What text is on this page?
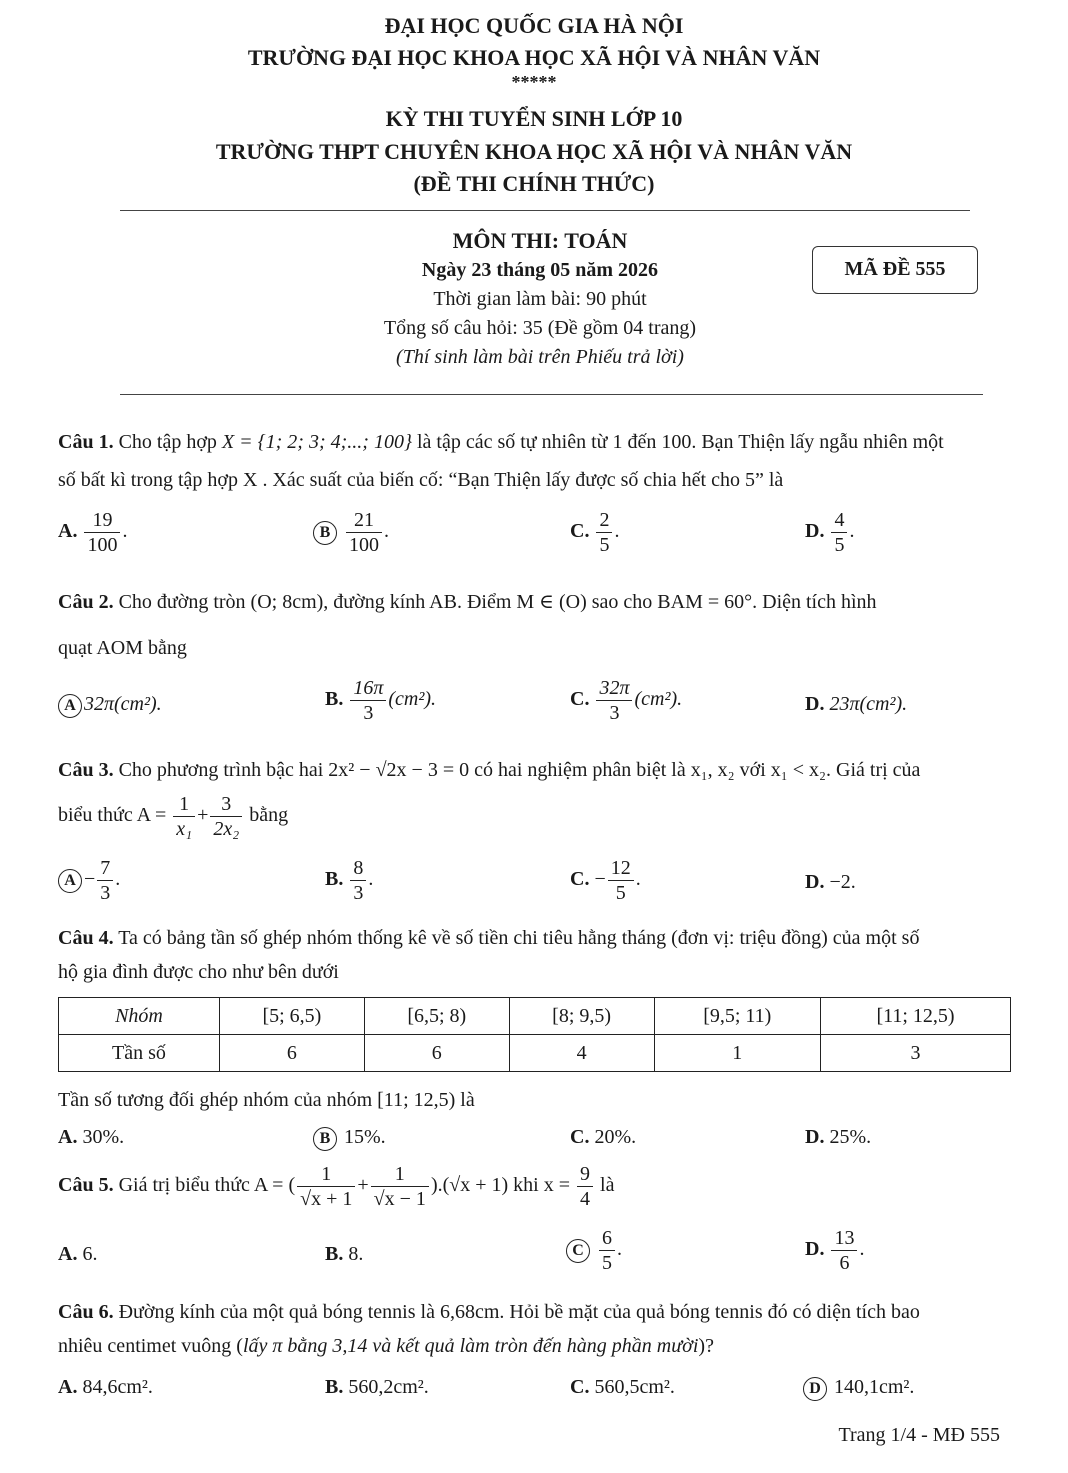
ĐẠI HỌC QUỐC GIA HÀ NỘI
TRƯỜNG ĐẠI HỌC KHOA HỌC XÃ HỘI VÀ NHÂN VĂN
*****
KỲ THI TUYỂN SINH LỚP 10
TRƯỜNG THPT CHUYÊN KHOA HỌC XÃ HỘI VÀ NHÂN VĂN
(ĐỀ THI CHÍNH THỨC)
MÔN THI: TOÁN
Ngày 23 tháng 05 năm 2026
Thời gian làm bài: 90 phút
Tổng số câu hỏi: 35 (Đề gồm 04 trang)
(Thí sinh làm bài trên Phiếu trả lời)
MÃ ĐỀ 555
Câu 1. Cho tập hợp X = {1; 2; 3; 4;...; 100} là tập các số tự nhiên từ 1 đến 100. Bạn Thiện lấy ngẫu nhiên một
số bất kì trong tập hợp X . Xác suất của biến cố: “Bạn Thiện lấy được số chia hết cho 5” là
A. $\frac{19}{100}$ .	B $\frac{21}{100}$ .	C. $\frac{2}{5}$ .	D. $\frac{4}{5}$ .
Câu 2. Cho đường tròn (O; 8cm), đường kính AB. Điểm M ∈ (O) sao cho BAM = 60°. Diện tích hình
quạt AOM bằng
A 32π(cm²).	B. $\frac{16\pi}{3} (cm^2)$.	C. $\frac{32\pi}{3} (cm^2)$.	D. 23π(cm²).
Câu 3. Cho phương trình bậc hai 2x² − √2x − 3 = 0 có hai nghiệm phân biệt là x₁, x₂ với x₁ < x₂. Giá trị của
biểu thức $A = \frac{1}{\text{x₁}} + \frac{3}{\text{2x₂}}$ bằng
$A - \frac{7}{3}$ .	B. $\frac{8}{3}$ .	C. − $\frac{12}{5}$ .	D. −2.
Câu 4. Ta có bảng tần số ghép nhóm thống kê về số tiền chi tiêu hằng tháng (đơn vị: triệu đồng) của một số
hộ gia đình được cho như bên dưới
Nhóm	[5; 6,5)	[6,5; 8)	[8; 9,5)	[9,5; 11)	[11; 12,5)
Tần số	6	6	4	1	3
Tần số tương đối ghép nhóm của nhóm [11; 12,5) là
A. 30%.	B 15%.	C. 20%.	D. 25%.
Câu 5. Giá trị biểu thức A = ( $\frac{1}{√x + 1} + \frac{1}{√x - 1} ).(√x + 1)$ khi $x = \frac{9}{4}$ là
A. 6.	B. 8.	C $\frac{6}{5}$ .	D. $\frac{13}{6}$ .
Câu 6. Đường kính của một quả bóng tennis là 6,68cm. Hỏi bề mặt của quả bóng tennis đó có diện tích bao
nhiêu centimet vuông (lấy π bằng 3,14 và kết quả làm tròn đến hàng phần mười)?
A. 84,6cm².	B. 560,2cm².	C. 560,5cm².	D 140,1cm².
Trang 1/4 - MĐ 555
